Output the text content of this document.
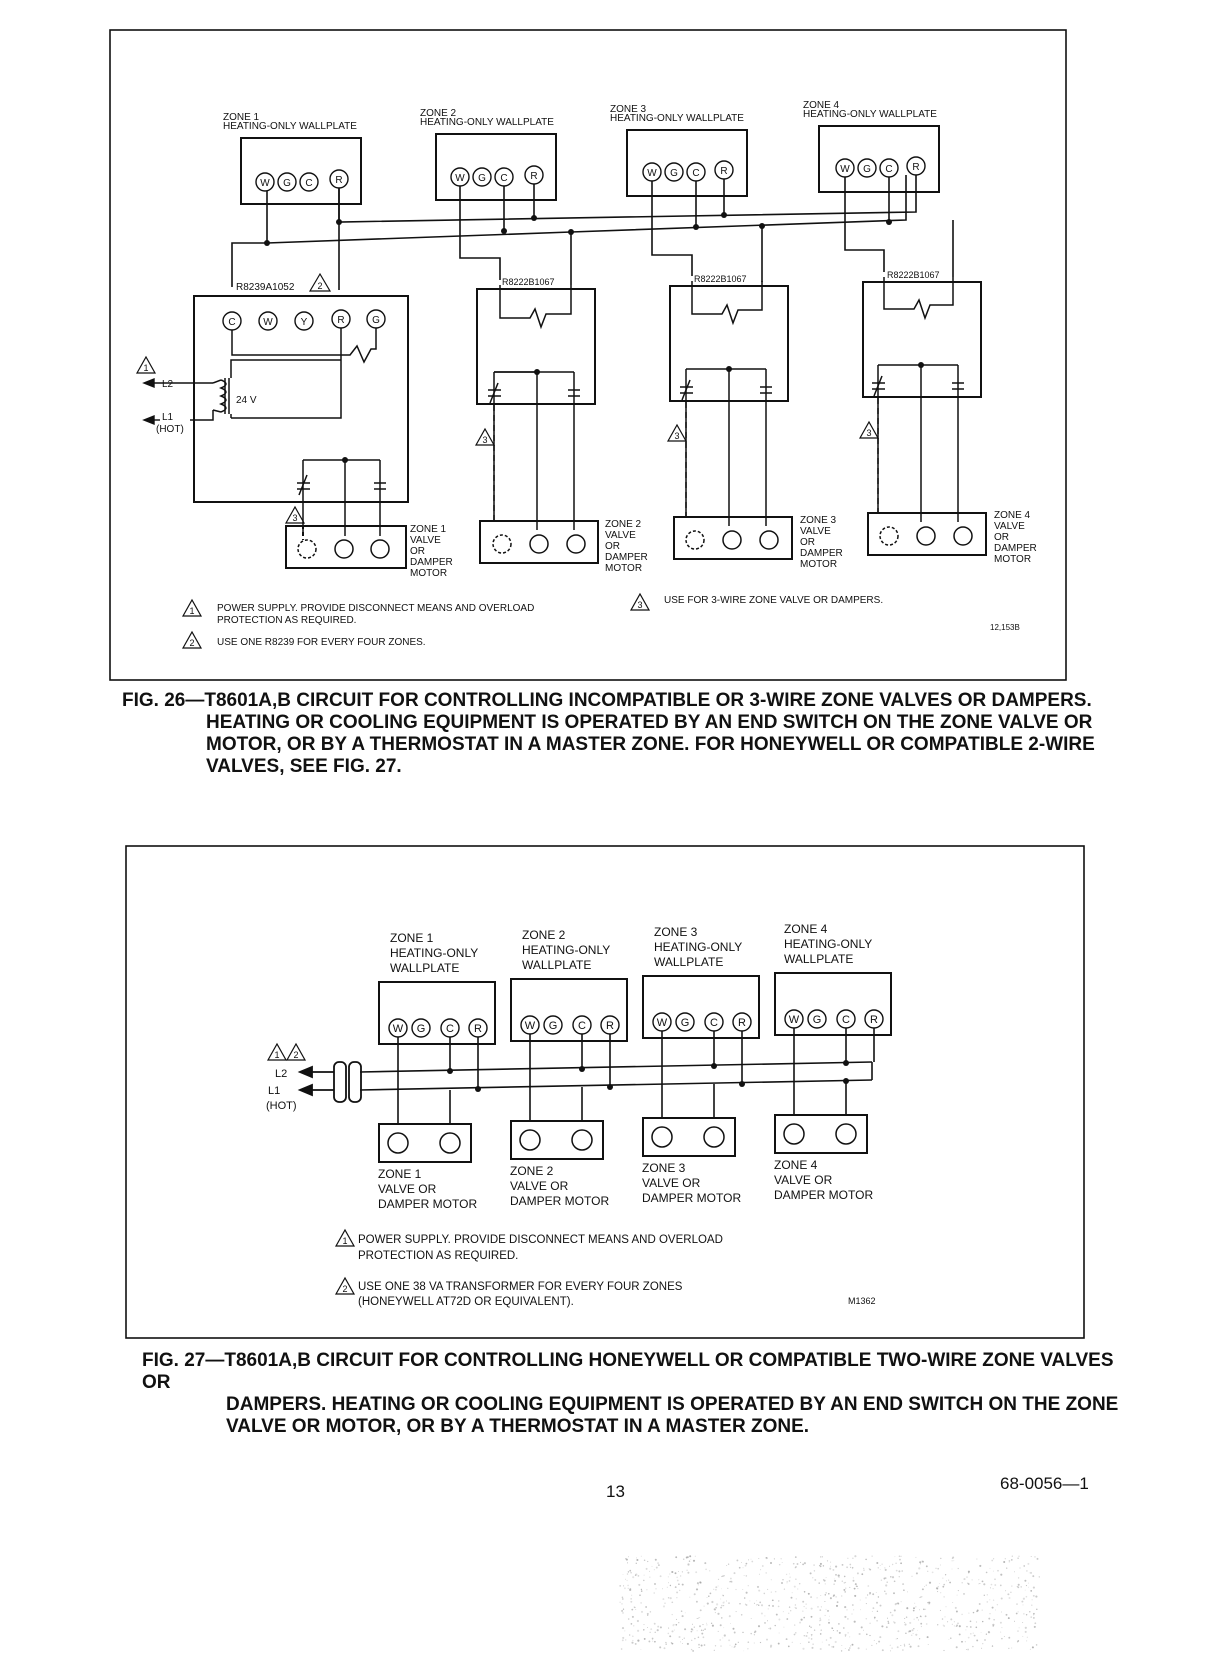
ZONE 1
HEATING-ONLY WALLPLATE
ZONE 2
HEATING-ONLY WALLPLATE
ZONE 3
HEATING-ONLY WALLPLATE
ZONE 4
HEATING-ONLY WALLPLATE
W G C R	W G C R	W G C R	W G C R
R8239A1052	2
C	W	Y	R	G
24 V
L2
L1
(HOT)
1
3
R8222B1067	R8222B1067	R8222B1067
3	3	3
ZONE 1
VALVE
OR
DAMPER
MOTOR
ZONE 2
VALVE
OR
DAMPER
MOTOR
ZONE 3
VALVE
OR
DAMPER
MOTOR
ZONE 4
VALVE
OR
DAMPER
MOTOR
1
2
3
POWER SUPPLY. PROVIDE DISCONNECT MEANS AND OVERLOAD
PROTECTION AS REQUIRED.
USE ONE R8239 FOR EVERY FOUR ZONES.
USE FOR 3-WIRE ZONE VALVE OR DAMPERS.
12,153B
FIG. 26—T8601A,B CIRCUIT FOR CONTROLLING INCOMPATIBLE OR 3-WIRE ZONE VALVES OR DAMPERS.
HEATING OR COOLING EQUIPMENT IS OPERATED BY AN END SWITCH ON THE ZONE VALVE OR
MOTOR, OR BY A THERMOSTAT IN A MASTER ZONE. FOR HONEYWELL OR COMPATIBLE 2-WIRE
VALVES, SEE FIG. 27.
ZONE 1
HEATING-ONLY
WALLPLATE
ZONE 2
HEATING-ONLY
WALLPLATE
ZONE 3
HEATING-ONLY
WALLPLATE
ZONE 4
HEATING-ONLY
WALLPLATE
W G C R	W G C R	W G C R	W G C R
1 2
L2
L1
(HOT)
ZONE 1
VALVE OR
DAMPER MOTOR
ZONE 2
VALVE OR
DAMPER MOTOR
ZONE 3
VALVE OR
DAMPER MOTOR
ZONE 4
VALVE OR
DAMPER MOTOR
1
2
POWER SUPPLY. PROVIDE DISCONNECT MEANS AND OVERLOAD
PROTECTION AS REQUIRED.
USE ONE 38 VA TRANSFORMER FOR EVERY FOUR ZONES
(HONEYWELL AT72D OR EQUIVALENT).	M1362
FIG. 27—T8601A,B CIRCUIT FOR CONTROLLING HONEYWELL OR COMPATIBLE TWO-WIRE ZONE VALVES OR
DAMPERS. HEATING OR COOLING EQUIPMENT IS OPERATED BY AN END SWITCH ON THE ZONE
VALVE OR MOTOR, OR BY A THERMOSTAT IN A MASTER ZONE.
13	68-0056—1
